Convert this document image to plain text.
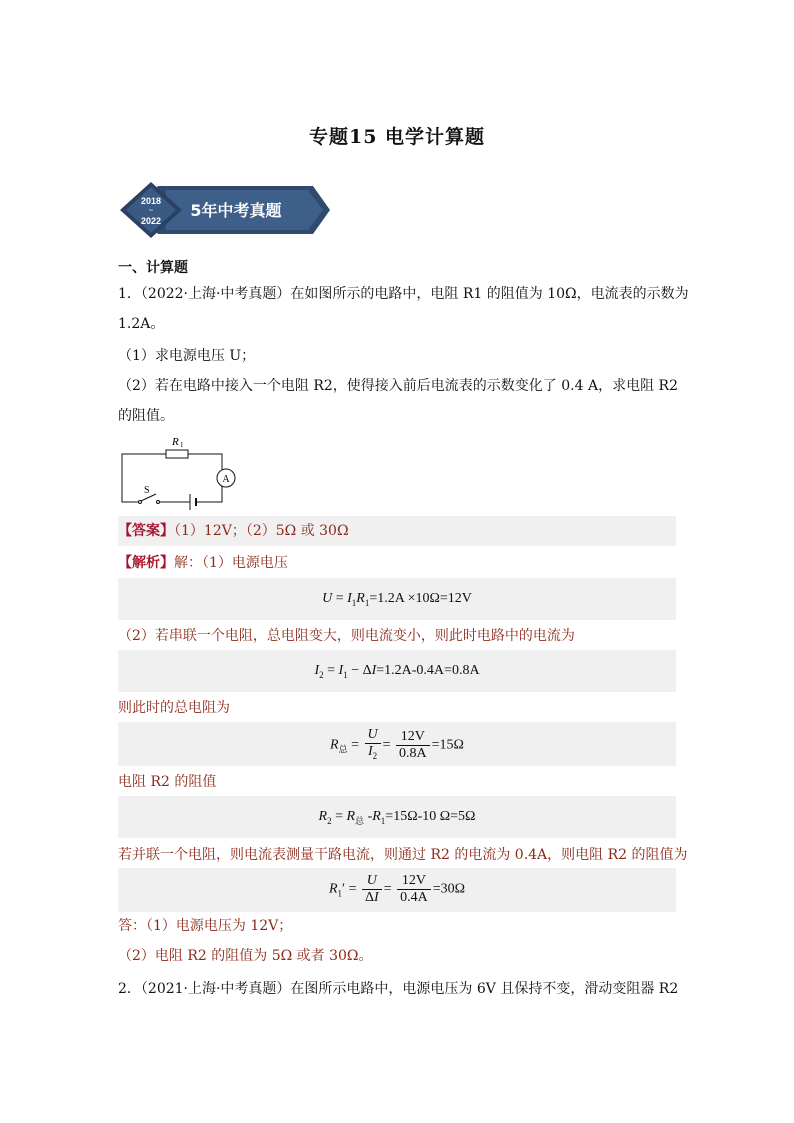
专题15 电学计算题
2018
~
2022
5年中考真题
一、计算题
1．（2022·上海·中考真题）在如图所示的电路中，电阻 R1 的阻值为 10Ω，电流表的示数为
1.2A。
（1）求电源电压 U；
（2）若在电路中接入一个电阻 R2，使得接入前后电流表的示数变化了 0.4 A，求电阻 R2
的阻值。
R 1
A
S
【答案】（1）12V；（2）5Ω 或 30Ω
【解析】解：（1）电源电压
$U = I_1R_1=1.2A \times 10\Omega=12V$
（2）若串联一个电阻，总电阻变大，则电流变小，则此时电路中的电流为
$I_2 = I_1 - \Delta I=1.2A-0.4A=0.8A$
则此时的总电阻为
$R_总 = \frac{U}{I_2} = \frac{12V}{0.8A} =15\Omega$
电阻 R2 的阻值
$R_2 = R_总$ $-R_1=15\Omega-10$ Ω=5Ω
若并联一个电阻，则电流表测量干路电流，则通过 R2 的电流为 0.4A，则电阻 R2 的阻值为
$R_1' = \frac{U}{\Delta I} = \frac{12V}{0.4A} =30\Omega$
答：（1）电源电压为 12V；
（2）电阻 R2 的阻值为 5Ω 或者 30Ω。
2．（2021·上海·中考真题）在图所示电路中，电源电压为 6V 且保持不变，滑动变阻器 R2
